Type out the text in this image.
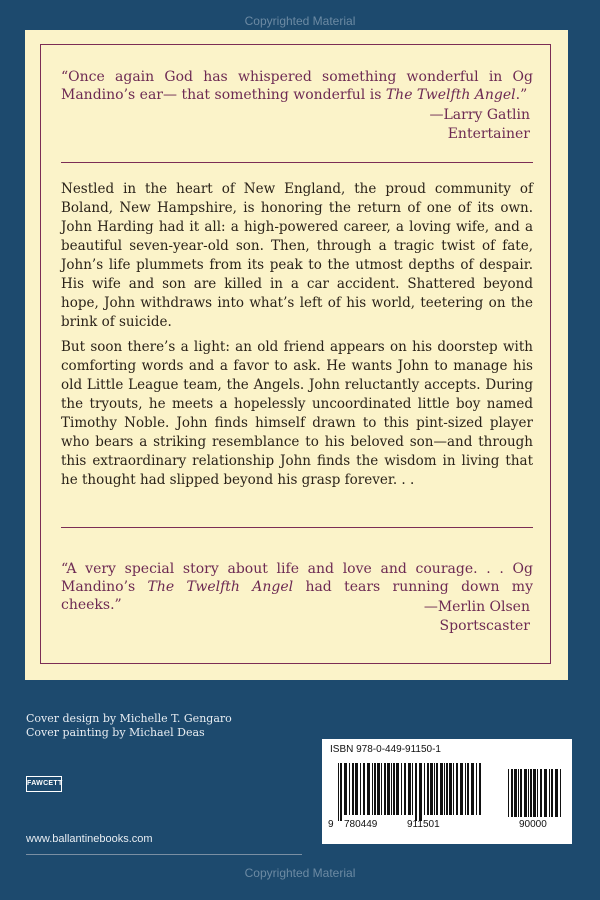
Copyrighted Material
“Once again God has whispered something wonderful in Og Mandino’s ear— that something wonderful is The Twelfth Angel.”
—Larry Gatlin
Entertainer

Nestled in the heart of New England, the proud community of Boland, New Hampshire, is honoring the return of one of its own. John Harding had it all: a high-powered career, a loving wife, and a beautiful seven-year-old son. Then, through a tragic twist of fate, John’s life plummets from its peak to the utmost depths of despair. His wife and son are killed in a car accident. Shattered beyond hope, John withdraws into what’s left of his world, teetering on the brink of suicide.

But soon there’s a light: an old friend appears on his doorstep with comforting words and a favor to ask. He wants John to manage his old Little League team, the Angels. John reluctantly accepts. During the tryouts, he meets a hopelessly uncoordinated little boy named Timothy Noble. John finds himself drawn to this pint-sized player who bears a striking resemblance to his beloved son—and through this extraordinary relationship John finds the wisdom in living that he thought had slipped beyond his grasp forever. . .

“A very special story about life and love and courage. . . Og Mandino’s The Twelfth Angel had tears running down my cheeks.”	—Merlin Olsen
Sportscaster
Cover design by Michelle T. Gengaro
Cover painting by Michael Deas
FAWCETT
www.ballantinebooks.com
ISBN 978-0-449-91150-1
9 780449	911501	90000
Copyrighted Material
